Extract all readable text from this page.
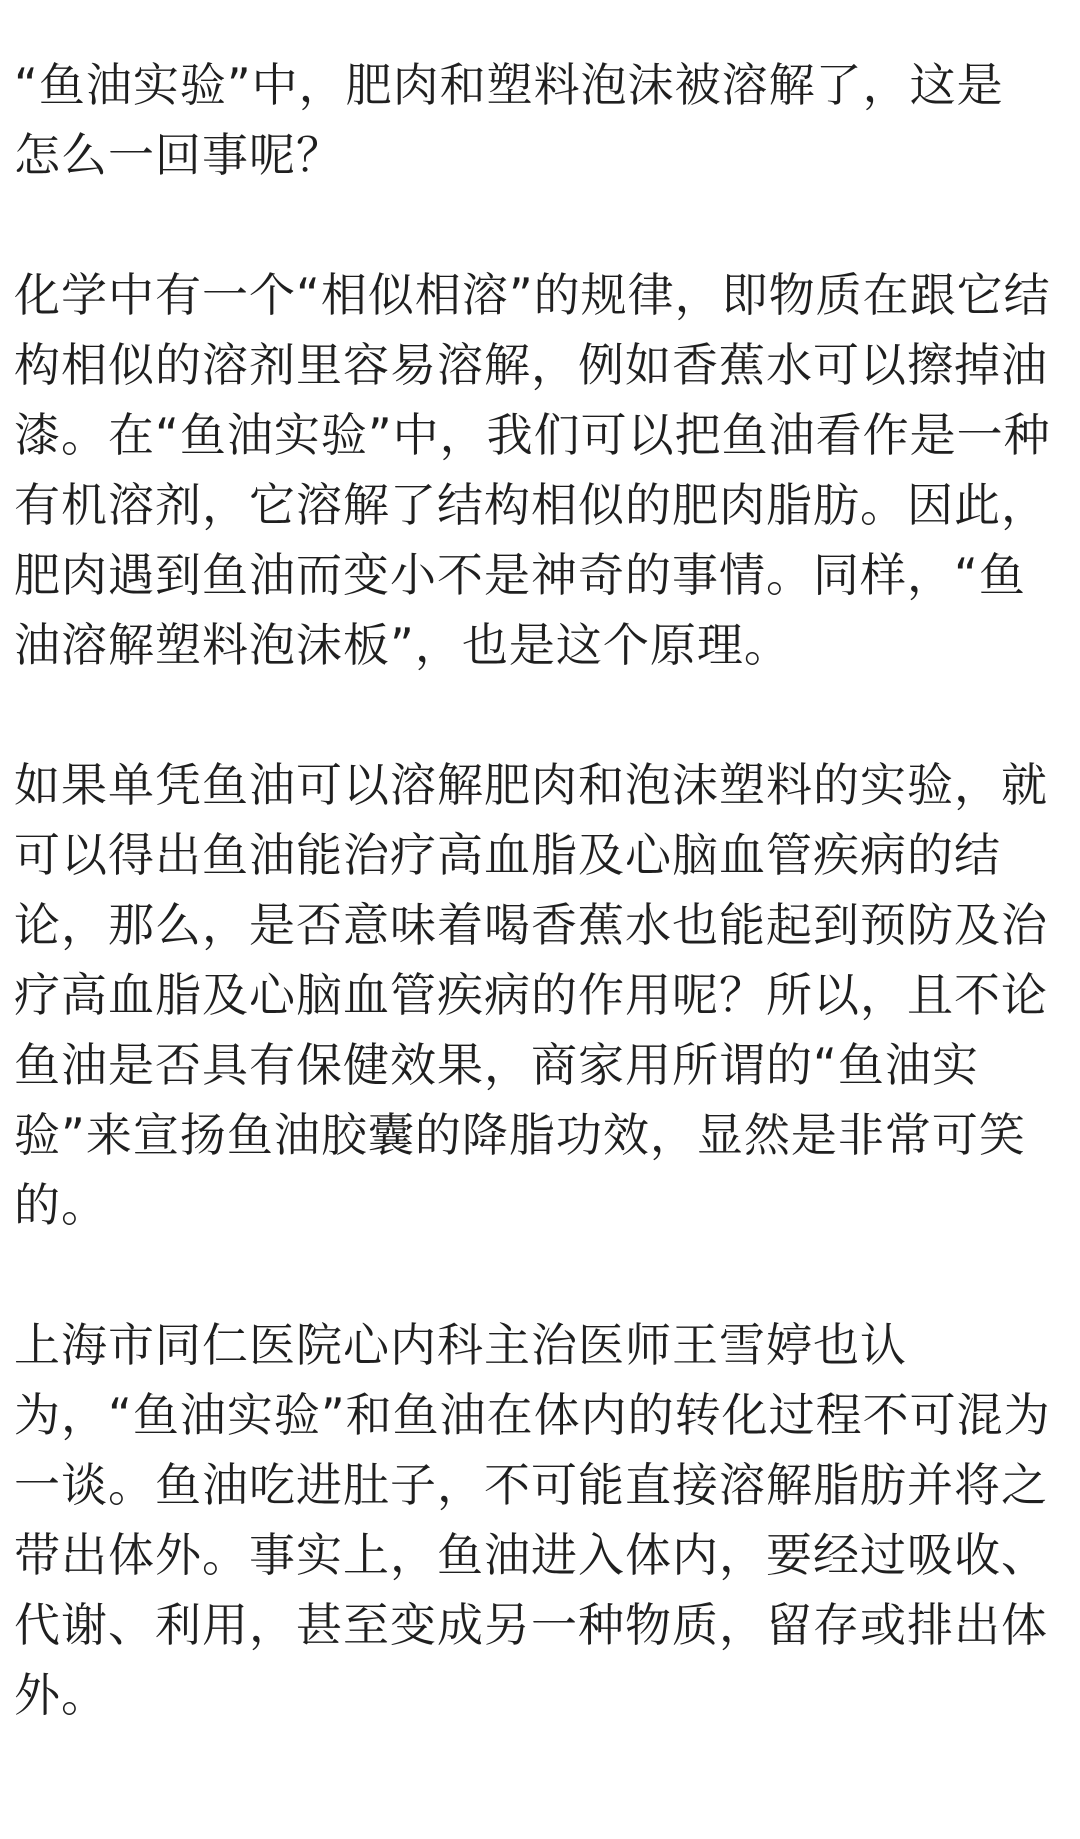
“鱼油实验”中，肥肉和塑料泡沫被溶解了，这是
怎么一回事呢？
化学中有一个“相似相溶”的规律，即物质在跟它结
构相似的溶剂里容易溶解，例如香蕉水可以擦掉油
漆。在“鱼油实验”中，我们可以把鱼油看作是一种
有机溶剂，它溶解了结构相似的肥肉脂肪。因此，
肥肉遇到鱼油而变小不是神奇的事情。同样，“鱼
油溶解塑料泡沫板”，也是这个原理。
如果单凭鱼油可以溶解肥肉和泡沫塑料的实验，就
可以得出鱼油能治疗高血脂及心脑血管疾病的结
论，那么，是否意味着喝香蕉水也能起到预防及治
疗高血脂及心脑血管疾病的作用呢？所以，且不论
鱼油是否具有保健效果，商家用所谓的“鱼油实
验”来宣扬鱼油胶囊的降脂功效，显然是非常可笑
的。
上海市同仁医院心内科主治医师王雪婷也认
为，“鱼油实验”和鱼油在体内的转化过程不可混为
一谈。鱼油吃进肚子，不可能直接溶解脂肪并将之
带出体外。事实上，鱼油进入体内，要经过吸收、
代谢、利用，甚至变成另一种物质，留存或排出体
外。
